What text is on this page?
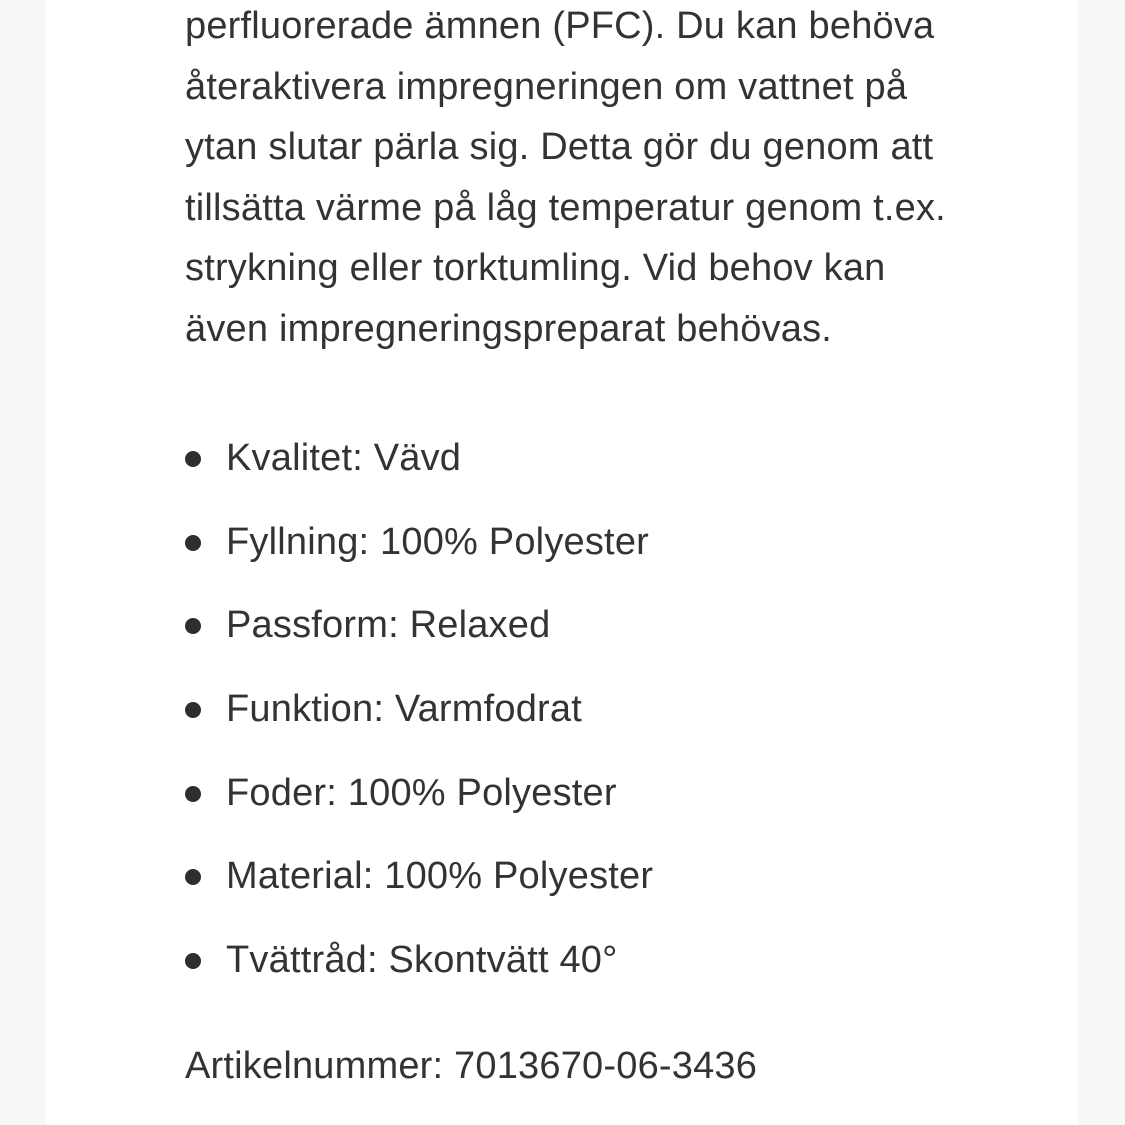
perfluorerade ämnen (PFC). Du kan behöva
återaktivera impregneringen om vattnet på
ytan slutar pärla sig. Detta gör du genom att
tillsätta värme på låg temperatur genom t.ex.
strykning eller torktumling. Vid behov kan
även impregneringspreparat behövas.

Kvalitet: Vävd
Fyllning: 100% Polyester
Passform: Relaxed
Funktion: Varmfodrat
Foder: 100% Polyester
Material: 100% Polyester
Tvättråd: Skontvätt 40°
Artikelnummer: 7013670-06-3436
